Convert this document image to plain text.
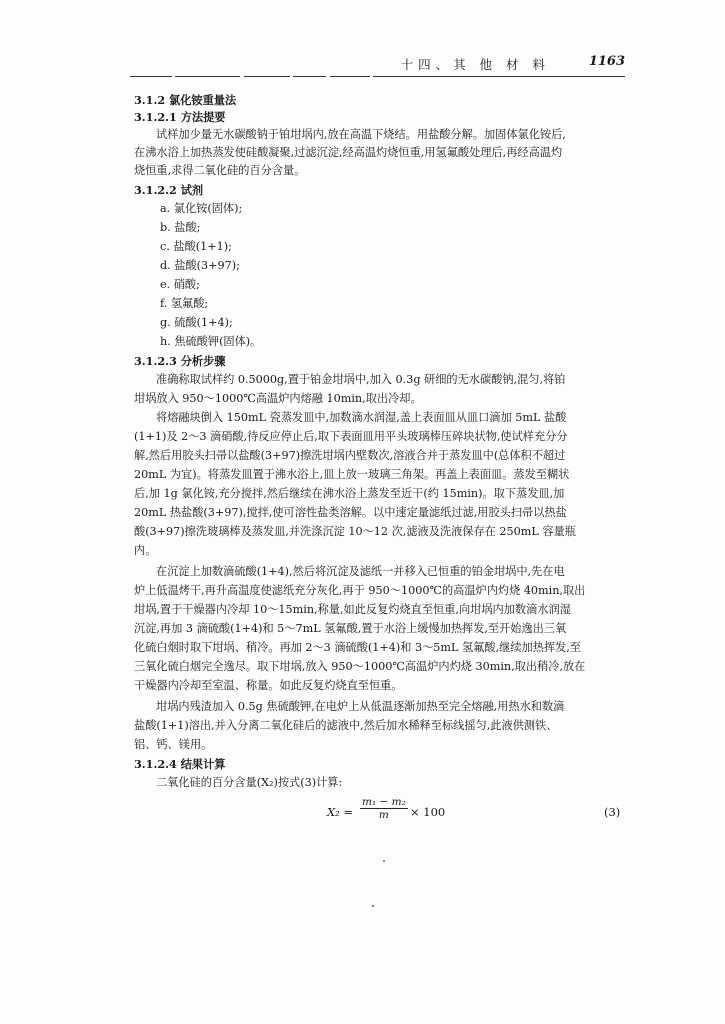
十四、其 他 材 料	1163
3.1.2 氯化铵重量法
3.1.2.1 方法提要
试样加少量无水碳酸钠于铂坩埚内,放在高温下烧结。用盐酸分解。加固体氯化铵后,
在沸水浴上加热蒸发使硅酸凝聚,过滤沉淀,经高温灼烧恒重,用氢氟酸处理后,再经高温灼
烧恒重,求得二氧化硅的百分含量。
3.1.2.2 试剂
a. 氯化铵(固体);
b. 盐酸;
c. 盐酸(1+1);
d. 盐酸(3+97);
e. 硝酸;
f. 氢氟酸;
g. 硫酸(1+4);
h. 焦硫酸钾(固体)。
3.1.2.3 分析步骤
准确称取试样约 0.5000g,置于铂金坩埚中,加入 0.3g 研细的无水碳酸钠,混匀,将铂
坩埚放入 950～1000℃高温炉内熔融 10min,取出冷却。
将熔融块倒入 150mL 瓷蒸发皿中,加数滴水润湿,盖上表面皿从皿口滴加 5mL 盐酸
(1+1)及 2～3 滴硝酸,待反应停止后,取下表面皿用平头玻璃棒压碎块状物,使试样充分分
解,然后用胶头扫帚以盐酸(3+97)擦洗坩埚内壁数次,溶液合并于蒸发皿中(总体积不超过
20mL 为宜)。将蒸发皿置于沸水浴上,皿上放一玻璃三角架。再盖上表面皿。蒸发至糊状
后,加 1g 氯化铵,充分搅拌,然后继续在沸水浴上蒸发至近干(约 15min)。取下蒸发皿,加
20mL 热盐酸(3+97),搅拌,使可溶性盐类溶解。以中速定量滤纸过滤,用胶头扫帚以热盐
酸(3+97)擦洗玻璃棒及蒸发皿,并洗涤沉淀 10～12 次,滤液及洗液保存在 250mL 容量瓶
内。
在沉淀上加数滴硫酸(1+4),然后将沉淀及滤纸一并移入已恒重的铂金坩埚中,先在电
炉上低温烤干,再升高温度使滤纸充分灰化,再于 950～1000℃的高温炉内灼烧 40min,取出
坩埚,置于干燥器内冷却 10～15min,称量,如此反复灼烧直至恒重,向坩埚内加数滴水润湿
沉淀,再加 3 滴硫酸(1+4)和 5～7mL 氢氟酸,置于水浴上缓慢加热挥发,至开始逸出三氧
化硫白烟时取下坩埚、稍冷。再加 2～3 滴硫酸(1+4)和 3～5mL 氢氟酸,继续加热挥发,至
三氧化硫白烟完全逸尽。取下坩埚,放入 950～1000℃高温炉内灼烧 30min,取出稍冷,放在
干燥器内冷却至室温、称量。如此反复灼烧直至恒重。
坩埚内残渣加入 0.5g 焦硫酸钾,在电炉上从低温逐渐加热至完全熔融,用热水和数滴
盐酸(1+1)溶出,并入分离二氧化硅后的滤液中,然后加水稀释至标线摇匀,此液供测铁、
铝、钙、镁用。
3.1.2.4 结果计算
二氧化硅的百分含量(X₂)按式(3)计算:
$X_2 = \frac{\text{m₁ − m₂}}{m} \times 100$	(3)
